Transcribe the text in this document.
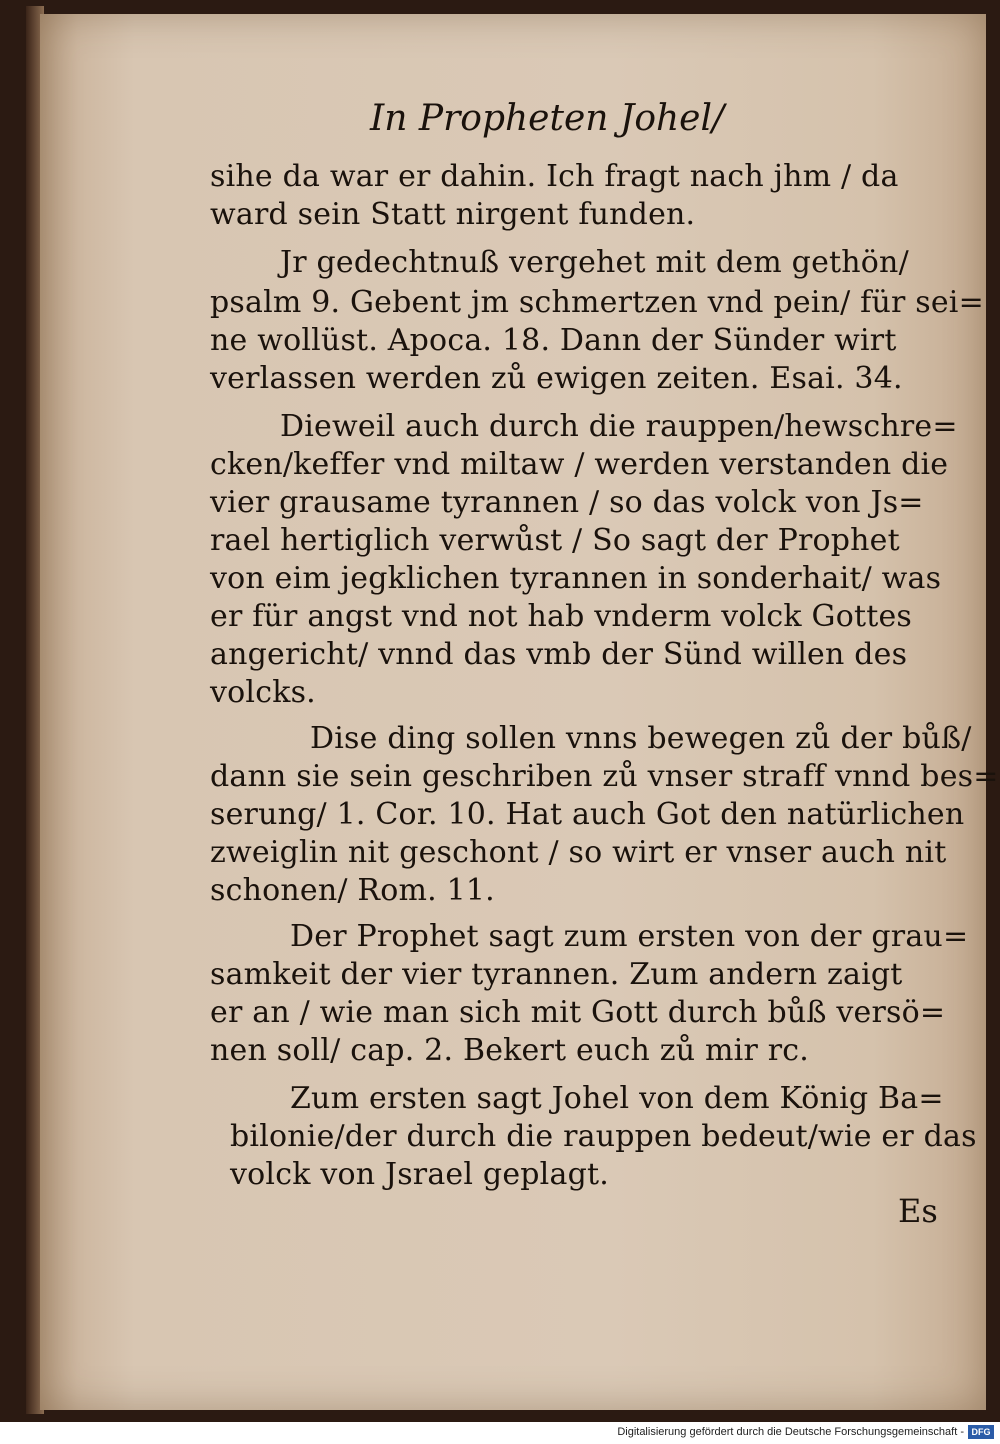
In Propheten Johel/
sihe da war er dahin. Ich fragt nach jhm / da
ward sein Statt nirgent funden.
Jr gedechtnuß vergehet mit dem gethön/
psalm 9. Gebent jm schmertzen vnd pein/ für sei=
ne wollüst. Apoca. 18. Dann der Sünder wirt
verlassen werden zů ewigen zeiten. Esai. 34.
Dieweil auch durch die rauppen/hewschre=
cken/keffer vnd miltaw / werden verstanden die
vier grausame tyrannen / so das volck von Js=
rael hertiglich verwůst / So sagt der Prophet
von eim jegklichen tyrannen in sonderhait/ was
er für angst vnd not hab vnderm volck Gottes
angericht/ vnnd das vmb der Sünd willen des
volcks.
Dise ding sollen vnns bewegen zů der bůß/
dann sie sein geschriben zů vnser straff vnnd bes=
serung/ 1. Cor. 10. Hat auch Got den natürlichen
zweiglin nit geschont / so wirt er vnser auch nit
schonen/ Rom. 11.
Der Prophet sagt zum ersten von der grau=
samkeit der vier tyrannen. Zum andern zaigt
er an / wie man sich mit Gott durch bůß versö=
nen soll/ cap. 2. Bekert euch zů mir rc.
Zum ersten sagt Johel von dem König Ba=
bilonie/der durch die rauppen bedeut/wie er das
volck von Jsrael geplagt.
Es
Digitalisierung gefördert durch die Deutsche Forschungsgemeinschaft - DFG
